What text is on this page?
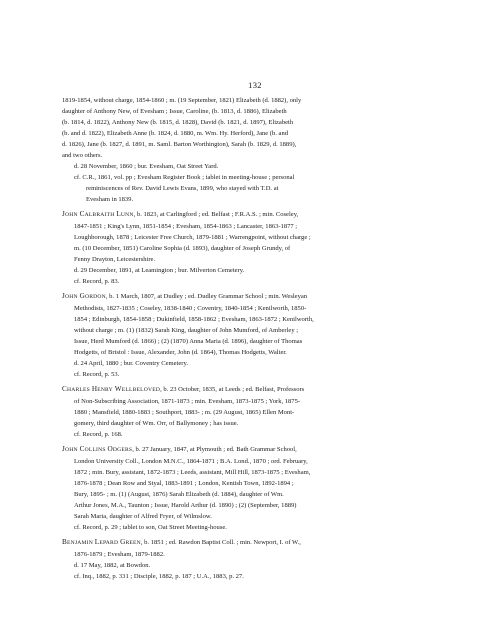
132
1819-1854, without charge, 1854-1860 ; m. (19 September, 1821) Elizabeth (d. 1882), only
daughter of Anthony New, of Evesham ; Issue, Caroline, (b. 1813, d. 1886), Elizabeth
(b. 1814, d. 1822), Anthony New (b. 1815, d. 1828), David (b. 1821, d. 1897), Elizabeth
(b. and d. 1822), Elizabeth Anne (b. 1824, d. 1880, m. Wm. Hy. Herford), Jane (b. and
d. 1826), Jane (b. 1827, d. 1891, m. Saml. Barton Worthington), Sarah (b. 1829, d. 1889),
and two others.
d. 28 November, 1860 ; bur. Evesham, Oat Street Yard.
cf. C.R., 1861, vol. pp ; Evesham Register Book ; tablet in meeting-house ; personal
reminiscences of Rev. David Lewis Evans, 1899, who stayed with T.D. at
Evesham in 1839.
JOHN CALBRAITH LUNN, b. 1823, at Carlingford ; ed. Belfast ; F.R.A.S. ; min. Coseley,
1847-1851 ; King's Lynn, 1851-1854 ; Evesham, 1854-1863 ; Lancaster, 1863-1877 ;
Loughborough, 1878 ; Leicester Free Church, 1879-1881 ; Warrengpoint, without charge ;
m. (10 December, 1851) Caroline Sophia (d. 1893), daughter of Joseph Grundy, of
Fenny Drayton, Leicestershire.
d. 29 December, 1891, at Leamington ; bur. Milverton Cemetery.
cf. Record, p. 83.
JOHN GORDON, b. 1 March, 1807, at Dudley ; ed. Dudley Grammar School ; min. Wesleyan
Methodists, 1827-1835 ; Coseley, 1838-1840 ; Coventry, 1840-1854 ; Kenilworth, 1850-
1854 ; Edinburgh, 1854-1858 ; Dukinfield, 1858-1862 ; Evesham, 1863-1872 ; Kenilworth,
without charge ; m. (1) (1832) Sarah King, daughter of John Mumford, of Amberley ;
Issue, Herd Mumford (d. 1866) ; (2) (1870) Anna Maria (d. 1896), daughter of Thomas
Hodgetts, of Bristol : Issue, Alexander, John (d. 1864), Thomas Hodgetts, Walter.
d. 24 April, 1880 ; bur. Coventry Cemetery.
cf. Record, p. 53.
CHARLES HENRY WELLBELOVED, b. 23 October, 1835, at Leeds ; ed. Belfast, Professors
of Non-Subscribing Association, 1871-1873 ; min. Evesham, 1873-1875 ; York, 1875-
1880 ; Mansfield, 1880-1883 ; Southport, 1883- ; m. (29 August, 1865) Ellen Mont-
gomery, third daughter of Wm. Orr, of Ballymoney ; has issue.
cf. Record, p. 168.
JOHN COLLINS ODGERS, b. 27 January, 1847, at Plymouth ; ed. Bath Grammar School,
London University Coll., London M.N.C., 1864-1871 ; B.A. Lond., 1870 ; ord. February,
1872 ; min. Bury, assistant, 1872-1873 ; Leeds, assistant, Mill Hill, 1873-1875 ; Evesham,
1876-1878 ; Dean Row and Styal, 1883-1891 ; London, Kentish Town, 1892-1894 ;
Bury, 1895- ; m. (1) (August, 1876) Sarah Elizabeth (d. 1884), daughter of Wm.
Arthur Jones, M.A., Taunton ; Issue, Harold Arthur (d. 1890) ; (2) (September, 1889)
Sarah Maria, daughter of Alfred Fryer, of Wilmslow.
cf. Record, p. 29 ; tablet to son, Oat Street Meeting-house.
BENJAMIN LEPARD GREEN, b. 1851 ; ed. Rawdon Baptist Coll. ; min. Newport, I. of W.,
1876-1879 ; Evesham, 1879-1882.
d. 17 May, 1882, at Bowdon.
cf. Inq., 1882, p. 331 ; Disciple, 1882, p. 187 ; U.A., 1883, p. 27.
